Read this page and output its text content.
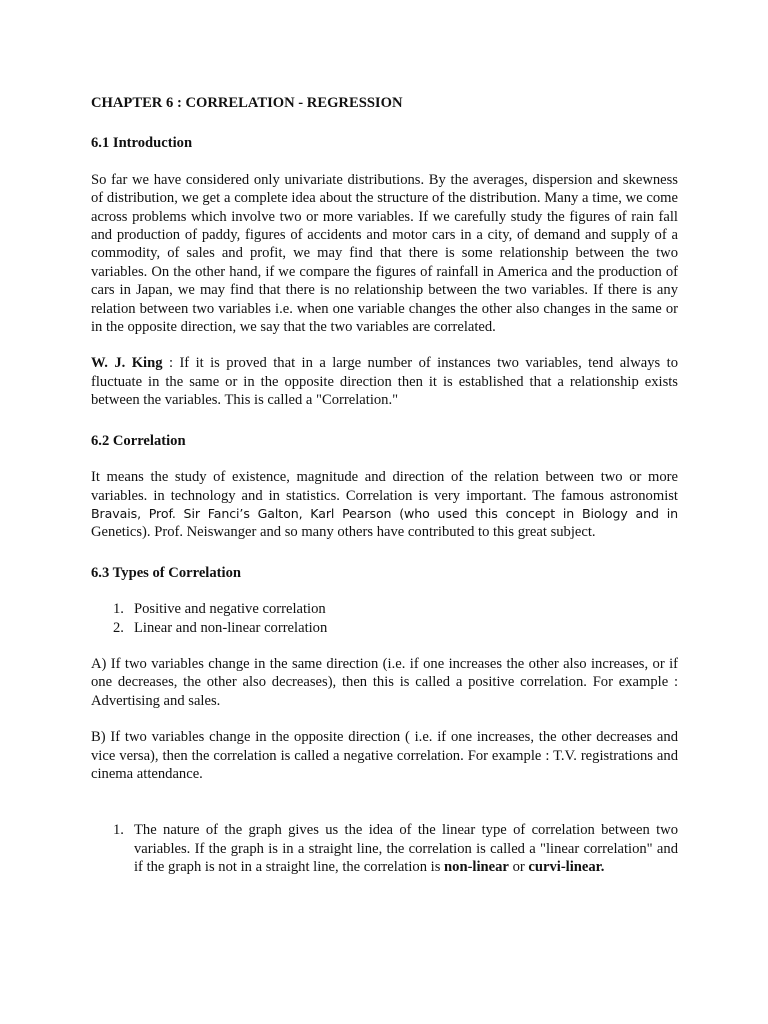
CHAPTER 6 : CORRELATION - REGRESSION

6.1 Introduction

So far we have considered only univariate distributions. By the averages, dispersion and skewness of distribution, we get a complete idea about the structure of the distribution. Many a time, we come across problems which involve two or more variables. If we carefully study the figures of rain fall and production of paddy, figures of accidents and motor cars in a city, of demand and supply of a commodity, of sales and profit, we may find that there is some relationship between the two variables. On the other hand, if we compare the figures of rainfall in America and the production of cars in Japan, we may find that there is no relationship between the two variables. If there is any relation between two variables i.e. when one variable changes the other also changes in the same or in the opposite direction, we say that the two variables are correlated.

W. J. King : If it is proved that in a large number of instances two variables, tend always to fluctuate in the same or in the opposite direction then it is established that a relationship exists between the variables. This is called a "Correlation."

6.2 Correlation

It means the study of existence, magnitude and direction of the relation between two or more variables. in technology and in statistics. Correlation is very important. The famous astronomist Bravais, Prof. Sir Fanci’s Galton, Karl Pearson (who used this concept in Biology and in Genetics). Prof. Neiswanger and so many others have contributed to this great subject.

6.3 Types of Correlation

1. Positive and negative correlation
2. Linear and non-linear correlation

A) If two variables change in the same direction (i.e. if one increases the other also increases, or if one decreases, the other also decreases), then this is called a positive correlation. For example : Advertising and sales.

B) If two variables change in the opposite direction ( i.e. if one increases, the other decreases and vice versa), then the correlation is called a negative correlation. For example : T.V. registrations and cinema attendance.

1. The nature of the graph gives us the idea of the linear type of correlation between two variables. If the graph is in a straight line, the correlation is called a "linear correlation" and if the graph is not in a straight line, the correlation is non-linear or curvi-linear.
